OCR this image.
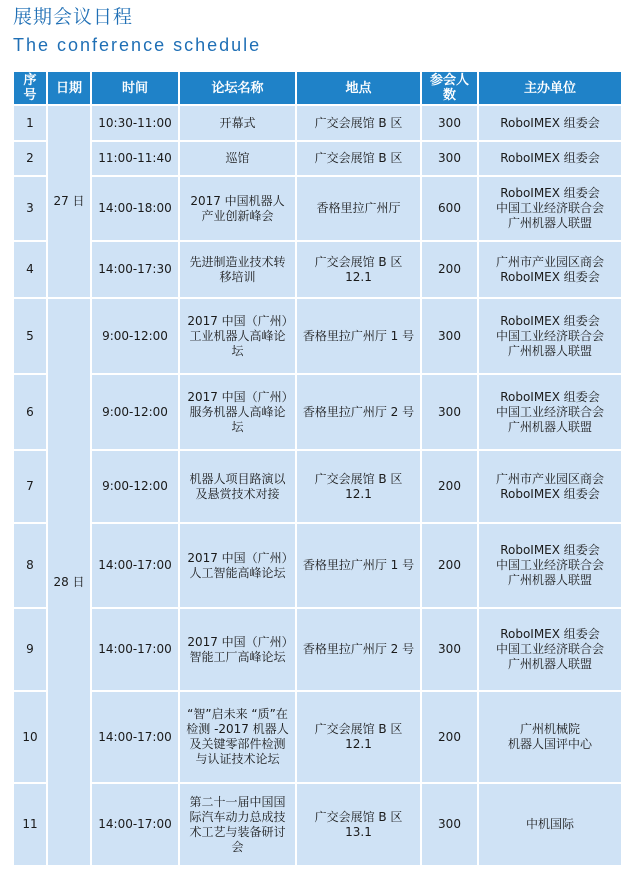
展期会议日程
The conference schedule
序号	日期	时间	论坛名称	地点	参会人数	主办单位
1	27 日	10:30-11:00	开幕式	广交会展馆 B 区	300	RoboIMEX 组委会

2		11:00-11:40	巡馆	广交会展馆 B 区	300	RoboIMEX 组委会

3		14:00-18:00	2017 中国机器人产业创新峰会	香格里拉广州厅	600	RoboIMEX 组委会
中国工业经济联合会
广州机器人联盟

4		14:00-17:30	先进制造业技术转移培训	广交会展馆 B 区 12.1	200	广州市产业园区商会
RoboIMEX 组委会

5	28 日	9:00-12:00	2017 中国（广州）工业机器人高峰论坛	香格里拉广州厅 1 号	300	RoboIMEX 组委会
中国工业经济联合会
广州机器人联盟

6		9:00-12:00	2017 中国（广州）服务机器人高峰论坛	香格里拉广州厅 2 号	300	RoboIMEX 组委会
中国工业经济联合会
广州机器人联盟

7		9:00-12:00	机器人项目路演以及悬赏技术对接	广交会展馆 B 区 12.1	200	广州市产业园区商会
RoboIMEX 组委会

8		14:00-17:00	2017 中国（广州）人工智能高峰论坛	香格里拉广州厅 1 号	200	RoboIMEX 组委会
中国工业经济联合会
广州机器人联盟

9		14:00-17:00	2017 中国（广州）智能工厂高峰论坛	香格里拉广州厅 2 号	300	RoboIMEX 组委会
中国工业经济联合会
广州机器人联盟

10		14:00-17:00	“智”启未来 “质”在检测 -2017 机器人及关键零部件检测与认证技术论坛	广交会展馆 B 区 12.1	200	广州机械院
机器人国评中心

11		14:00-17:00	第二十一届中国国际汽车动力总成技术工艺与装备研讨会	广交会展馆 B 区 13.1	300	中机国际
